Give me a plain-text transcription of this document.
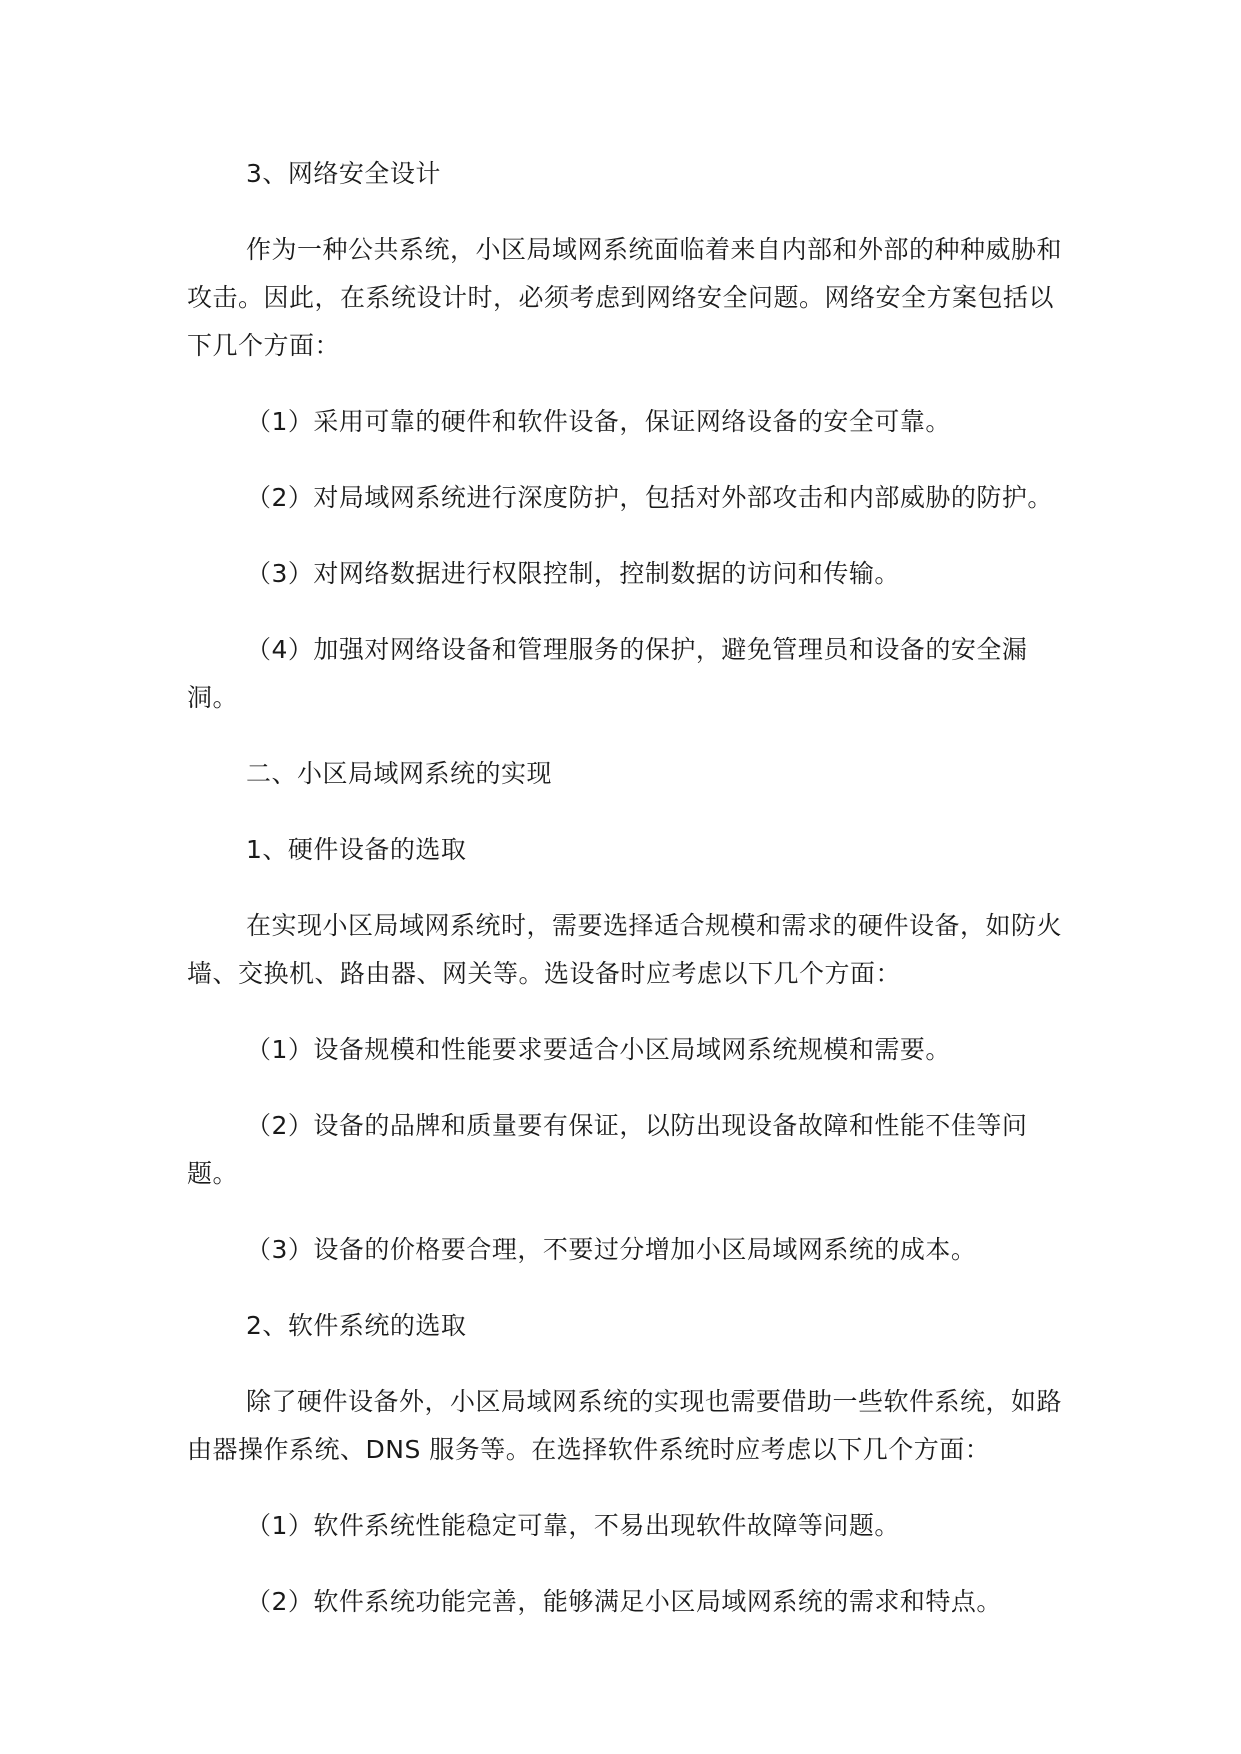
3、网络安全设计

作为一种公共系统，小区局域网系统面临着来自内部和外部的种种威胁和攻击。因此，在系统设计时，必须考虑到网络安全问题。网络安全方案包括以下几个方面：

（1）采用可靠的硬件和软件设备，保证网络设备的安全可靠。

（2）对局域网系统进行深度防护，包括对外部攻击和内部威胁的防护。

（3）对网络数据进行权限控制，控制数据的访问和传输。

（4）加强对网络设备和管理服务的保护，避免管理员和设备的安全漏洞。

二、小区局域网系统的实现

1、硬件设备的选取

在实现小区局域网系统时，需要选择适合规模和需求的硬件设备，如防火墙、交换机、路由器、网关等。选设备时应考虑以下几个方面：

（1）设备规模和性能要求要适合小区局域网系统规模和需要。

（2）设备的品牌和质量要有保证，以防出现设备故障和性能不佳等问题。

（3）设备的价格要合理，不要过分增加小区局域网系统的成本。

2、软件系统的选取

除了硬件设备外，小区局域网系统的实现也需要借助一些软件系统，如路由器操作系统、DNS 服务等。在选择软件系统时应考虑以下几个方面：

（1）软件系统性能稳定可靠，不易出现软件故障等问题。

（2）软件系统功能完善，能够满足小区局域网系统的需求和特点。
